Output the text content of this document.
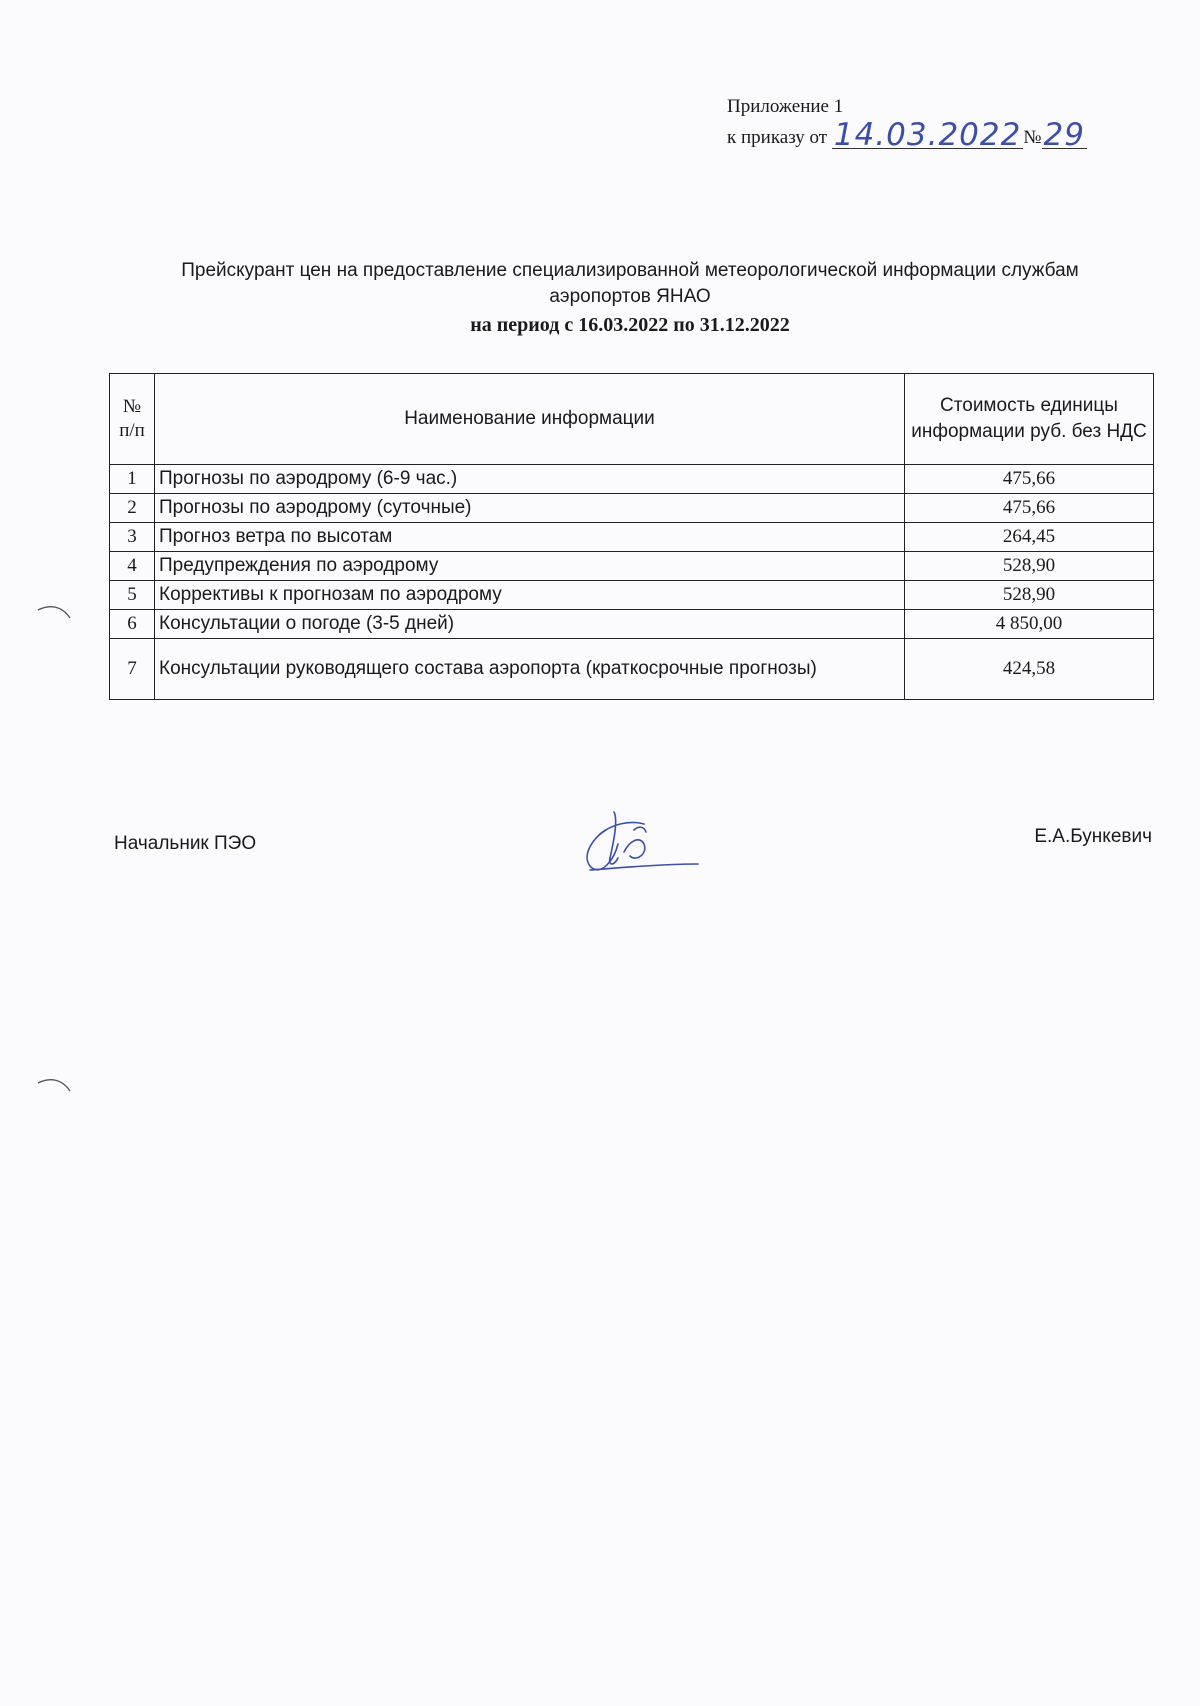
Приложение 1
к приказу от 14.03.2022 №29
Прейскурант цен на предоставление специализированной метеорологической информации службам
аэропортов ЯНАО
на период с 16.03.2022 по 31.12.2022
№ п/п	Наименование информации	Стоимость единицы информации руб. без НДС
1	Прогнозы по аэродрому (6-9 час.)	475,66
2	Прогнозы по аэродрому (суточные)	475,66
3	Прогноз ветра по высотам	264,45
4	Предупреждения по аэродрому	528,90
5	Коррективы к прогнозам по аэродрому	528,90
6	Консультации о погоде (3-5 дней)	4 850,00
7	Консультации руководящего состава аэропорта (краткосрочные прогнозы)	424,58
Начальник ПЭО	Е.А.Бункевич
